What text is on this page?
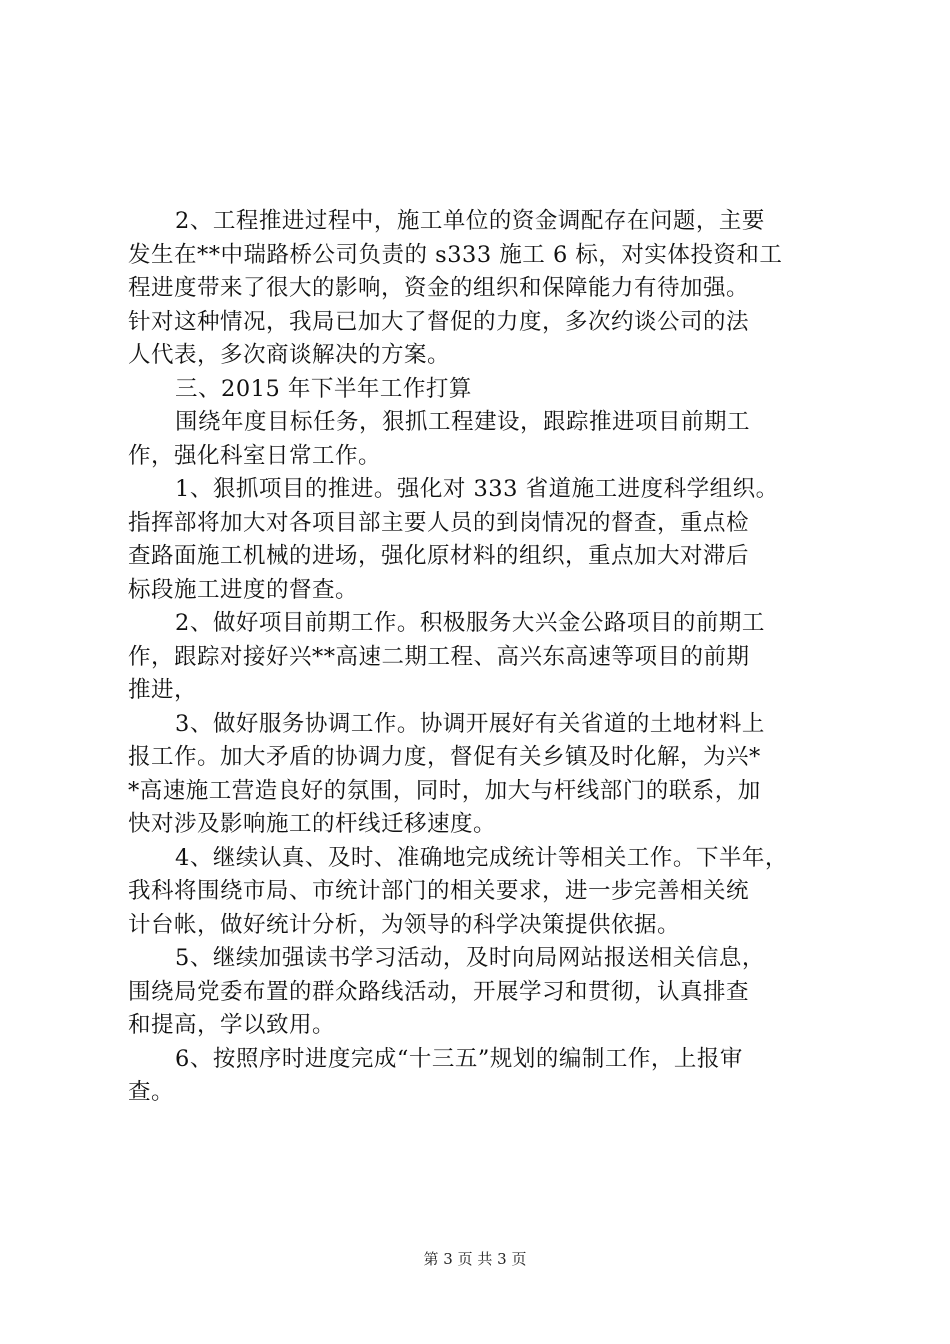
2、工程推进过程中，施工单位的资金调配存在问题，主要
发生在**中瑞路桥公司负责的 s333 施工 6 标，对实体投资和工
程进度带来了很大的影响，资金的组织和保障能力有待加强。
针对这种情况，我局已加大了督促的力度，多次约谈公司的法
人代表，多次商谈解决的方案。
三、2015 年下半年工作打算
围绕年度目标任务，狠抓工程建设，跟踪推进项目前期工
作，强化科室日常工作。
1、狠抓项目的推进。强化对 333 省道施工进度科学组织。
指挥部将加大对各项目部主要人员的到岗情况的督查，重点检
查路面施工机械的进场，强化原材料的组织，重点加大对滞后
标段施工进度的督查。
2、做好项目前期工作。积极服务大兴金公路项目的前期工
作，跟踪对接好兴**高速二期工程、高兴东高速等项目的前期
推进，
3、做好服务协调工作。协调开展好有关省道的土地材料上
报工作。加大矛盾的协调力度，督促有关乡镇及时化解，为兴*
*高速施工营造良好的氛围，同时，加大与杆线部门的联系，加
快对涉及影响施工的杆线迁移速度。
4、继续认真、及时、准确地完成统计等相关工作。下半年，
我科将围绕市局、市统计部门的相关要求，进一步完善相关统
计台帐，做好统计分析，为领导的科学决策提供依据。
5、继续加强读书学习活动，及时向局网站报送相关信息，
围绕局党委布置的群众路线活动，开展学习和贯彻，认真排查
和提高，学以致用。
6、按照序时进度完成“十三五”规划的编制工作，上报审
查。
第 3 页 共 3 页
